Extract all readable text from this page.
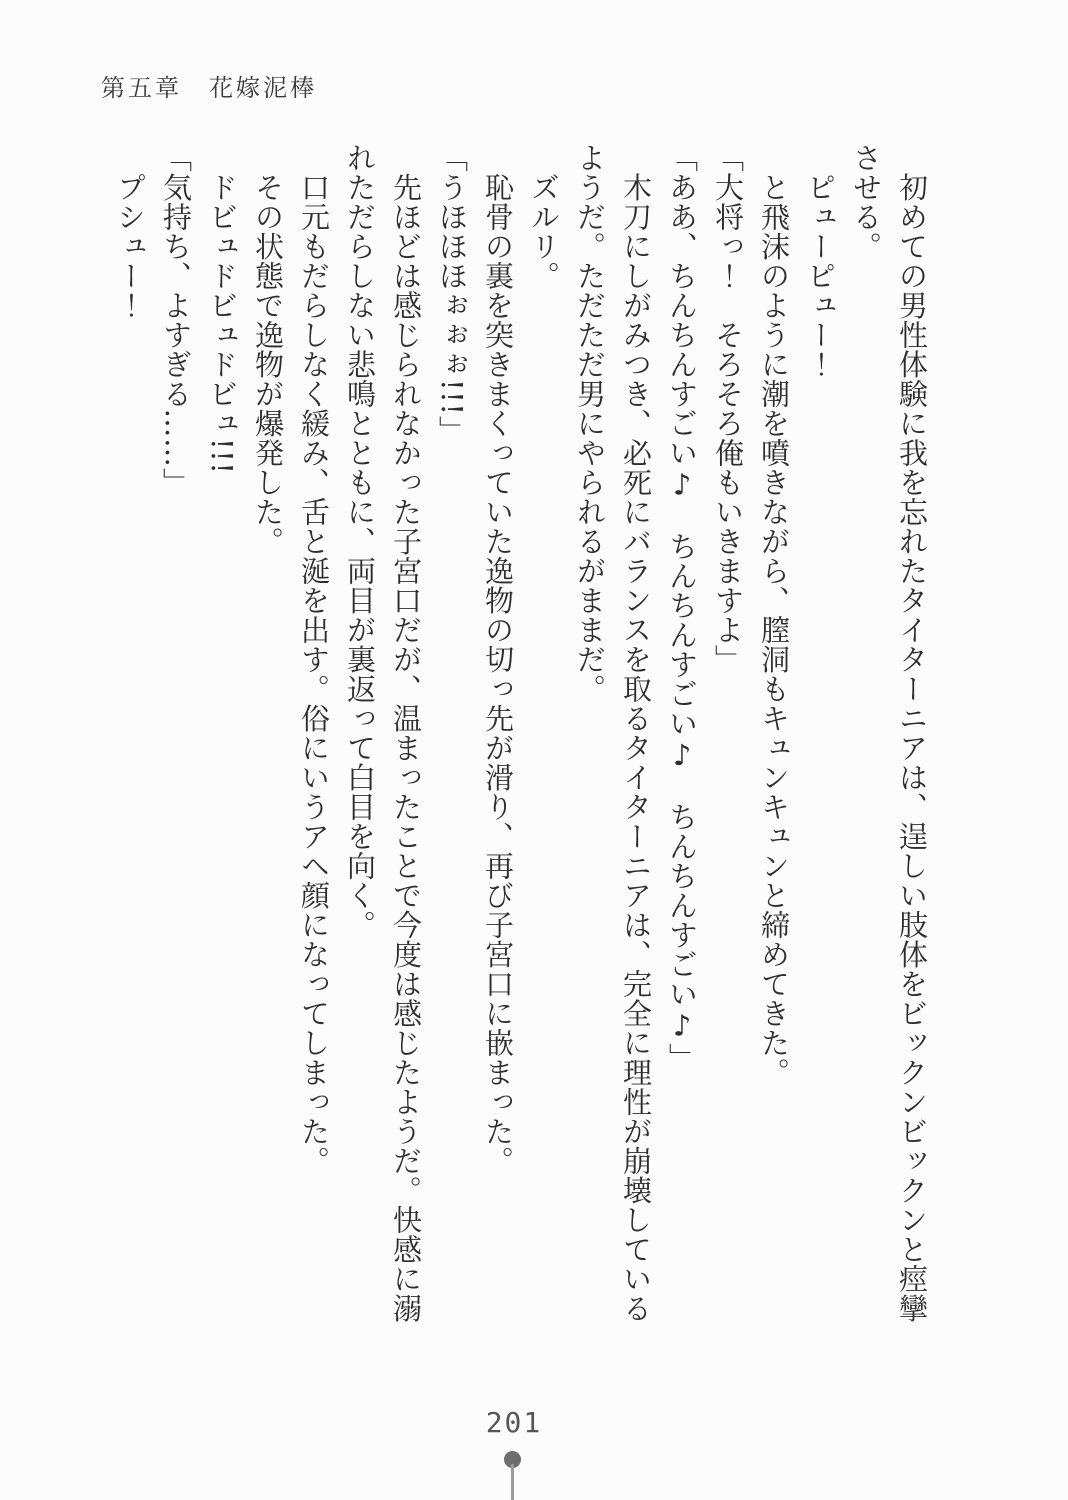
第五章　花嫁泥棒

　初めての男性体験に我を忘れたタイターニアは、逞しい肢体をビックンビックンと痙攣

させる。

　ピューピュー！

　と飛沫のように潮を噴きながら、膣洞もキュンキュンと締めてきた。

「大将っ！　そろそろ俺もいきますよ」

「ああ、ちんちんすごい♪　ちんちんすごい♪　ちんちんすごい♪」

　木刀にしがみつき、必死にバランスを取るタイターニアは、完全に理性が崩壊している

ようだ。ただただ男にやられるがままだ。

　ズルリ。

　恥骨の裏を突きまくっていた逸物の切っ先が滑り、再び子宮口に嵌まった。

「うほほほぉぉぉ!!!」

　先ほどは感じられなかった子宮口だが、温まったことで今度は感じたようだ。快感に溺

れただらしない悲鳴とともに、両目が裏返って白目を向く。

　口元もだらしなく緩み、舌と涎を出す。俗にいうアヘ顔になってしまった。

　その状態で逸物が爆発した。

　ドビュドビュドビュ!!!

「気持ち、よすぎる……」

　プシュー！

201
